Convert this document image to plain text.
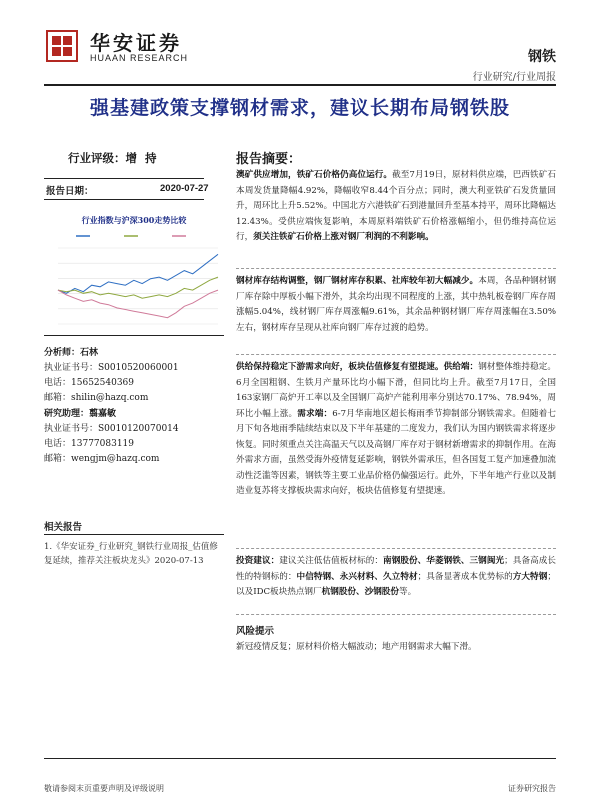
华安证券
HUAAN RESEARCH	钢铁
行业研究/行业周报
强基建政策支撑钢材需求，建议长期布局钢铁股
行业评级：增  持
报告日期：	2020-07-27
行业指数与沪深300走势比较
分析师：石林
执业证书号：S0010520060001
电话：15652540369
邮箱：shilin@hazq.com
研究助理：翦嘉敏
执业证书号：S0010120070014
电话：13777083119
邮箱：wengjm@hazq.com
相关报告
1.《华安证券_行业研究_钢铁行业周报_估值修复延续，推荐关注板块龙头》2020-07-13
报告摘要：
澳矿供应增加，铁矿石价格仍高位运行。截至7月19日，原材料供应端，巴西铁矿石本周发货量降幅4.92%，降幅收窄8.44个百分点；同时，澳大利亚铁矿石发货量回升，周环比上升5.52%。中国北方六港铁矿石到港量回升至基本持平，周环比降幅达12.43%。受供应端恢复影响，本周原料端铁矿石价格涨幅缩小，但仍维持高位运行，须关注铁矿石价格上涨对钢厂利润的不利影响。
钢材库存结构调整，钢厂钢材库存积累、社库较年初大幅减少。本周，各品种钢材钢厂库存除中厚板小幅下滑外，其余均出现不同程度的上涨，其中热轧板卷钢厂库存周涨幅5.04%，线材钢厂库存周涨幅9.61%，其余品种钢材钢厂库存周涨幅在3.50%左右，钢材库存呈现从社库向钢厂库存过渡的趋势。
供给保持稳定下游需求向好，板块估值修复有望提速。供给端：钢材整体维持稳定。6月全国粗钢、生铁月产量环比均小幅下滑，但同比均上升。截至7月17日，全国163家钢厂高炉开工率以及全国钢厂高炉产能利用率分别达70.17%、78.94%，周环比小幅上涨。需求端：6-7月华南地区超长梅雨季节抑制部分钢铁需求。但随着七月下旬各地雨季陆续结束以及下半年基建的二度发力，我们认为国内钢铁需求将逐步恢复。同时须重点关注高温天气以及高钢厂库存对于钢材新增需求的抑制作用。在海外需求方面，虽然受海外疫情复延影响，钢铁外需承压，但各国复工复产加速叠加流动性泛滥等因素，钢铁等主要工业品价格仍偏强运行。此外，下半年地产行业以及制造业复苏将支撑板块需求向好，板块估值修复有望提速。
投资建议：建议关注低估值板材标的：南钢股份、华菱钢铁、三钢闽光；具备高成长性的特钢标的：中信特钢、永兴材料、久立特材；具备显著成本优势标的方大特钢；以及IDC板块热点钢厂杭钢股份、沙钢股份等。
风险提示
新冠疫情反复；原材料价格大幅波动；地产用钢需求大幅下滑。
敬请参阅末页重要声明及评级说明	证券研究报告
